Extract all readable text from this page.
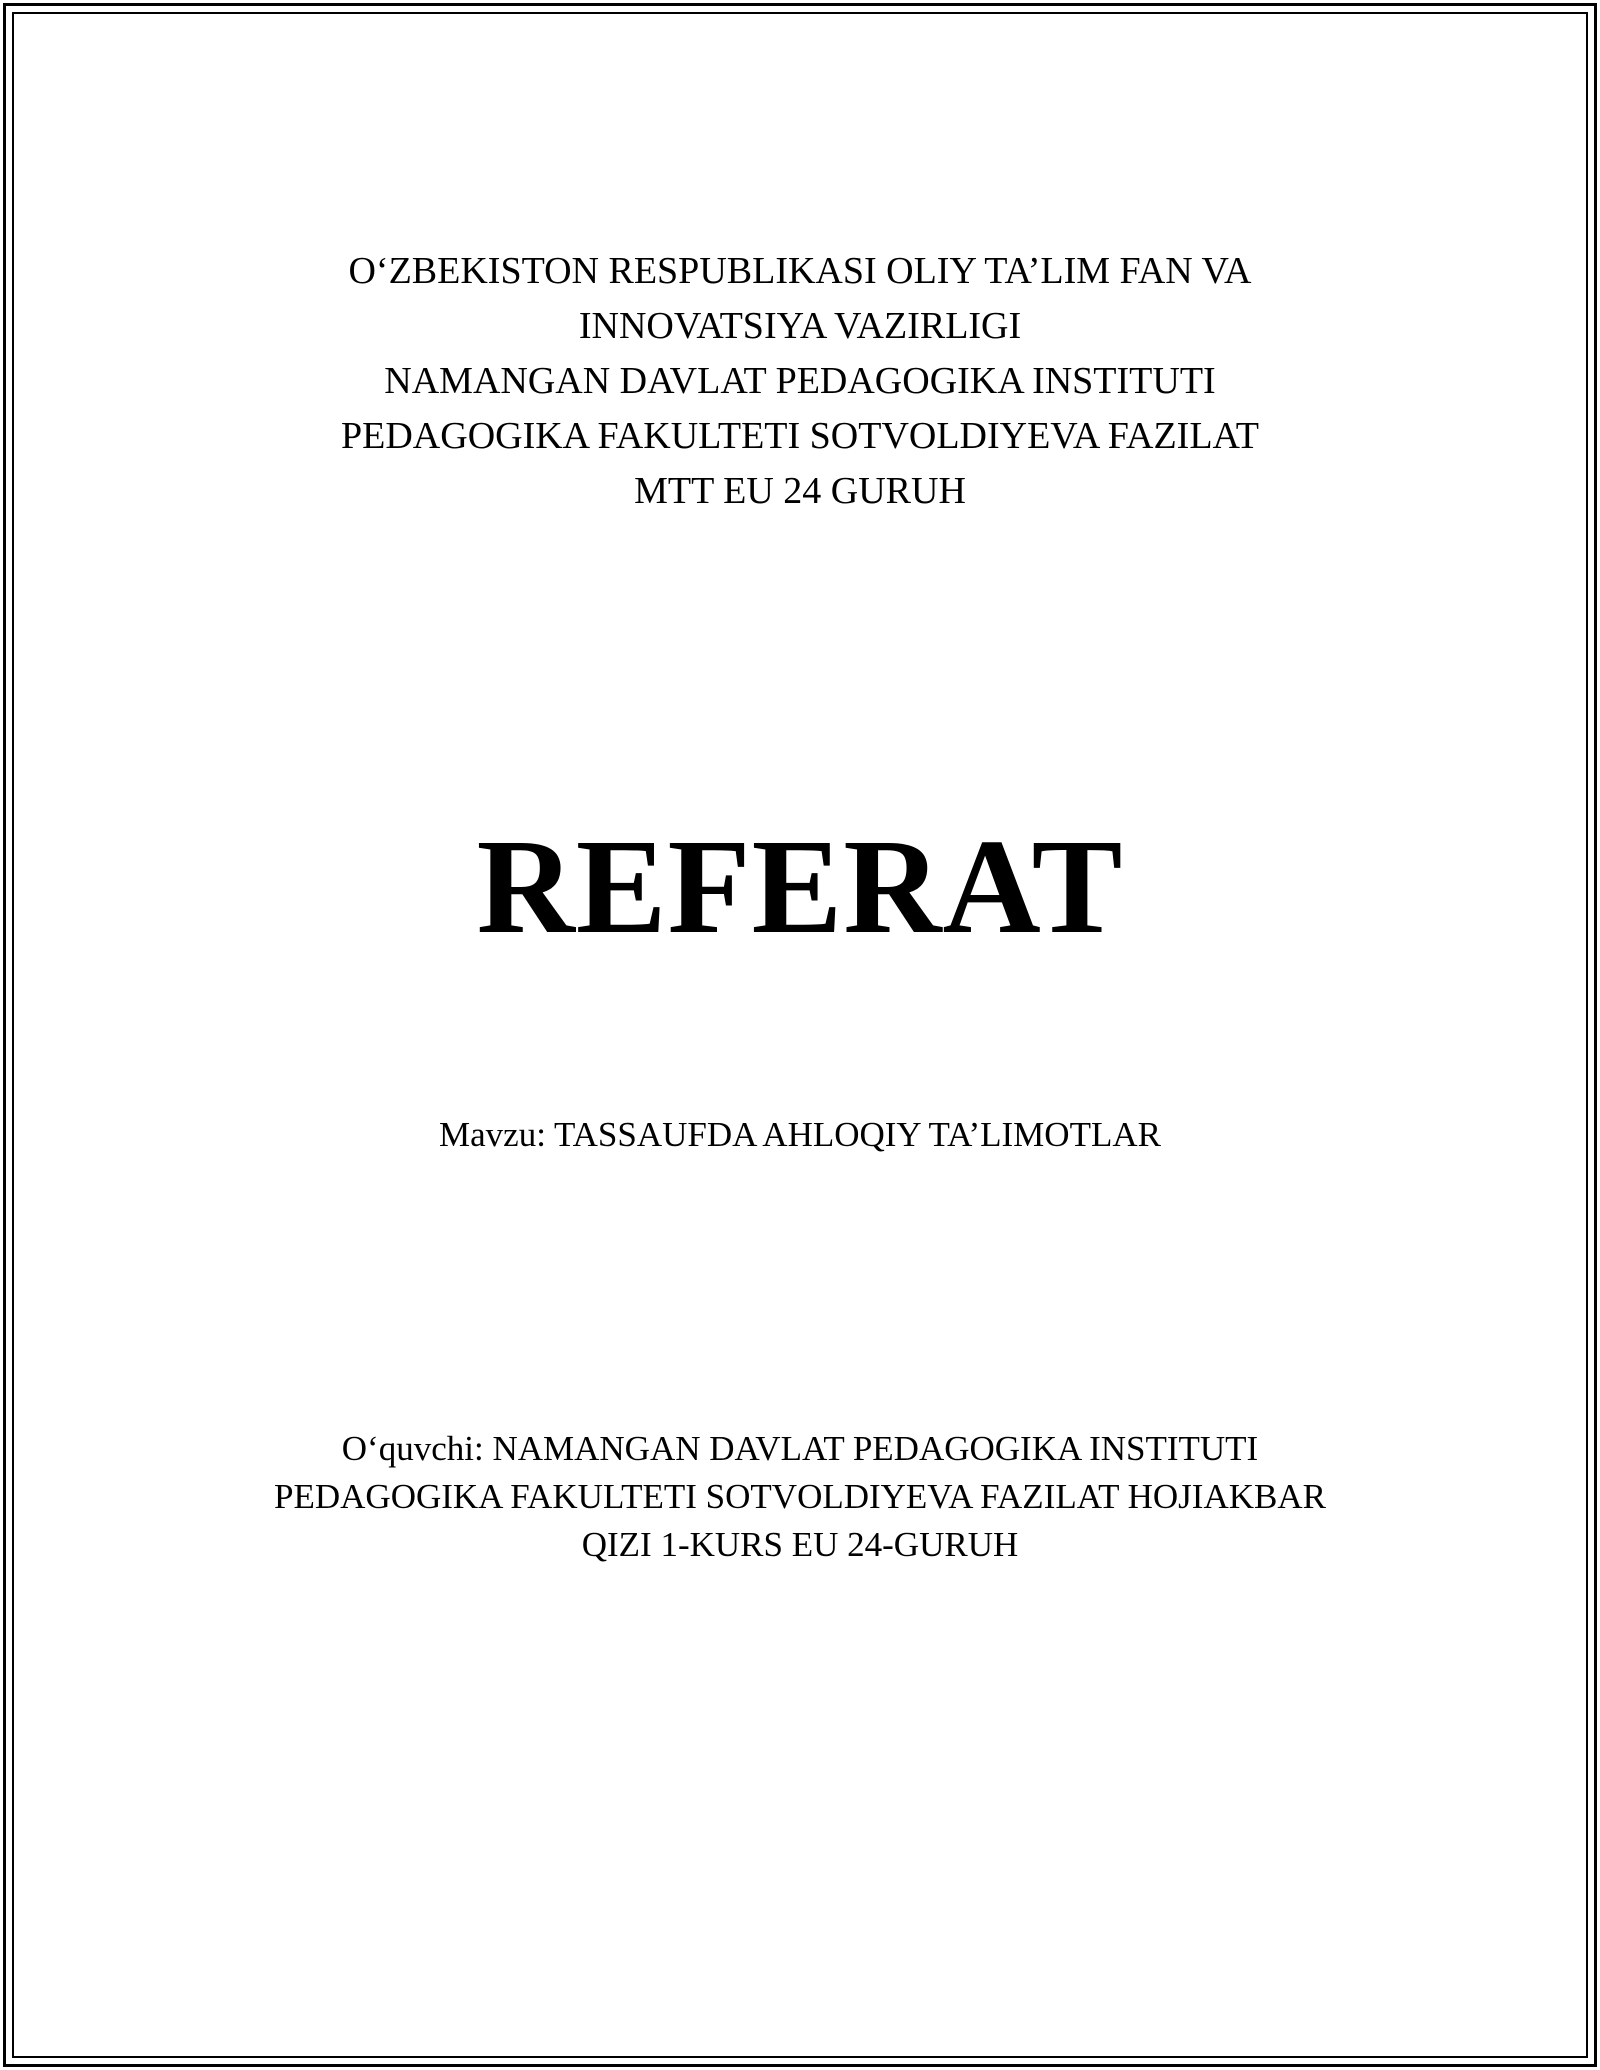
O‘ZBEKISTON RESPUBLIKASI OLIY TA’LIM FAN VA
INNOVATSIYA VAZIRLIGI
NAMANGAN DAVLAT PEDAGOGIKA INSTITUTI
PEDAGOGIKA FAKULTETI SOTVOLDIYEVA FAZILAT
MTT EU 24 GURUH
REFERAT

Mavzu: TASSAUFDA AHLOQIY TA’LIMOTLAR

O‘quvchi: NAMANGAN DAVLAT PEDAGOGIKA INSTITUTI
PEDAGOGIKA FAKULTETI SOTVOLDIYEVA FAZILAT HOJIAKBAR
QIZI 1-KURS EU 24-GURUH
